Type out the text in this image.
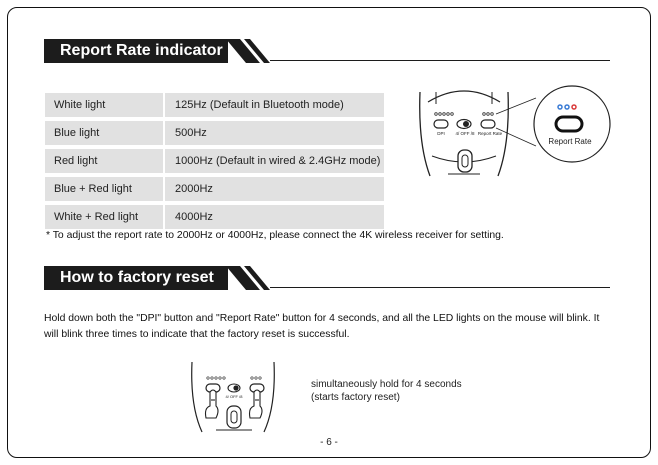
Report Rate indicator
White light	125Hz (Default in Bluetooth mode)
Blue light	500Hz
Red light	1000Hz (Default in wired & 2.4GHz mode)
Blue + Red light	2000Hz
White + Red light	4000Hz
DPI 4/ OFF /8 Report Rate
Report Rate
* To adjust the report rate to 2000Hz or 4000Hz, please connect the 4K wireless receiver for setting.
How to factory reset
Hold down both the "DPI" button and "Report Rate" button for 4 seconds, and all the LED lights on the mouse will blink. It will blink three times to indicate that the factory reset is successful.
4/ OFF /8
simultaneously hold for 4 seconds
(starts factory reset)
- 6 -
